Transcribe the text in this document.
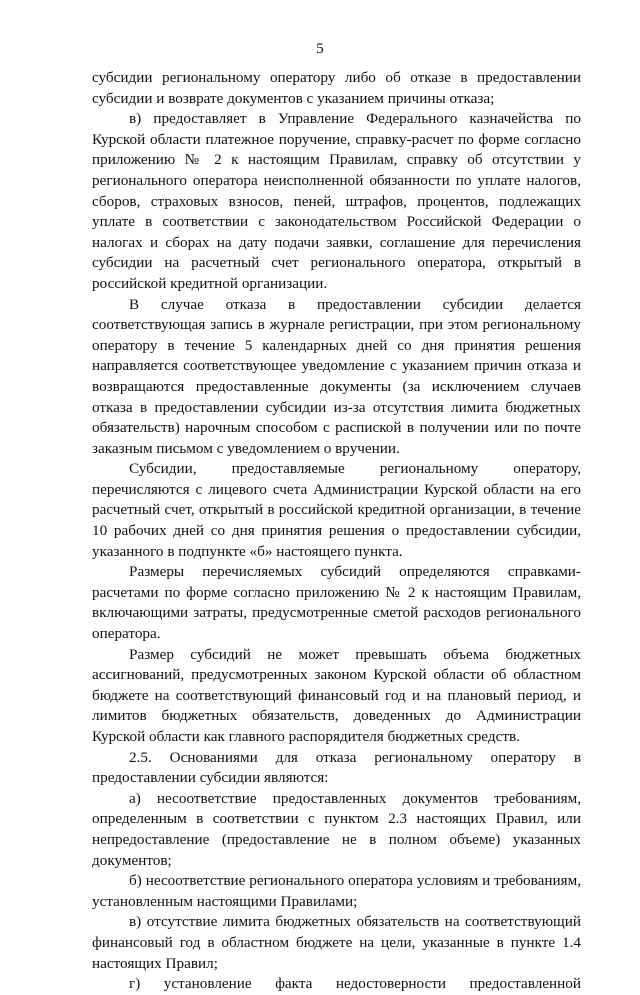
5

субсидии региональному оператору либо об отказе в предоставлении субсидии и возврате документов с указанием причины отказа;

в) предоставляет в Управление Федерального казначейства по Курской области платежное поручение, справку-расчет по форме согласно приложению № 2 к настоящим Правилам, справку об отсутствии у регионального оператора неисполненной обязанности по уплате налогов, сборов, страховых взносов, пеней, штрафов, процентов, подлежащих уплате в соответствии с законодательством Российской Федерации о налогах и сборах на дату подачи заявки, соглашение для перечисления субсидии на расчетный счет регионального оператора, открытый в российской кредитной организации.

В случае отказа в предоставлении субсидии делается соответствующая запись в журнале регистрации, при этом региональному оператору в течение 5 календарных дней со дня принятия решения направляется соответствующее уведомление с указанием причин отказа и возвращаются предоставленные документы (за исключением случаев отказа в предоставлении субсидии из-за отсутствия лимита бюджетных обязательств) нарочным способом с распиской в получении или по почте заказным письмом с уведомлением о вручении.

Субсидии, предоставляемые региональному оператору, перечисляются с лицевого счета Администрации Курской области на его расчетный счет, открытый в российской кредитной организации, в течение 10 рабочих дней со дня принятия решения о предоставлении субсидии, указанного в подпункте «б» настоящего пункта.

Размеры перечисляемых субсидий определяются справками-расчетами по форме согласно приложению № 2 к настоящим Правилам, включающими затраты, предусмотренные сметой расходов регионального оператора.

Размер субсидий не может превышать объема бюджетных ассигнований, предусмотренных законом Курской области об областном бюджете на соответствующий финансовый год и на плановый период, и лимитов бюджетных обязательств, доведенных до Администрации Курской области как главного распорядителя бюджетных средств.

2.5. Основаниями для отказа региональному оператору в предоставлении субсидии являются:

а) несоответствие предоставленных документов требованиям, определенным в соответствии с пунктом 2.3 настоящих Правил, или непредоставление (предоставление не в полном объеме) указанных документов;

б) несоответствие регионального оператора условиям и требованиям, установленным настоящими Правилами;

в) отсутствие лимита бюджетных обязательств на соответствующий финансовый год в областном бюджете на цели, указанные в пункте 1.4 настоящих Правил;

г) установление факта недостоверности предоставленной
